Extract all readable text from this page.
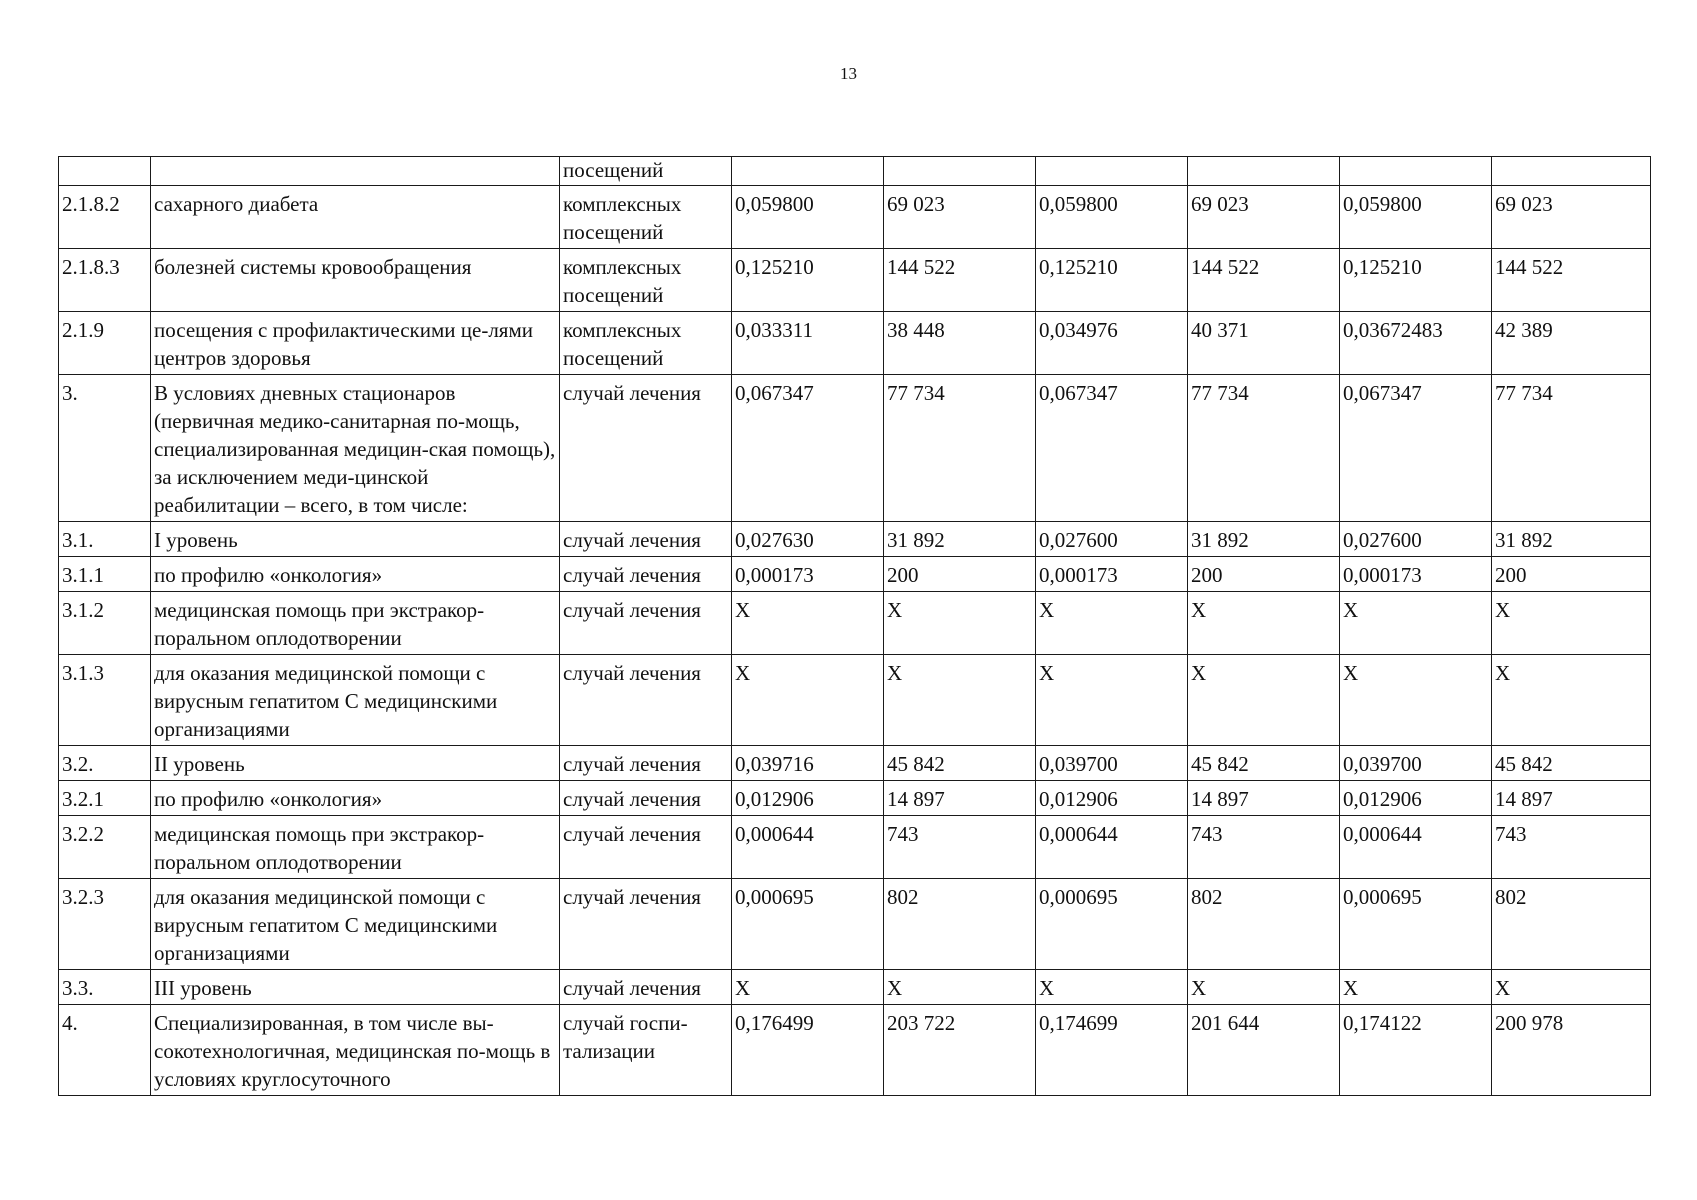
13
		посещений						
2.1.8.2	сахарного диабета	комплексных посещений	0,059800	69 023	0,059800	69 023	0,059800	69 023
2.1.8.3	болезней системы кровообращения	комплексных посещений	0,125210	144 522	0,125210	144 522	0,125210	144 522
2.1.9	посещения с профилактическими це-лями центров здоровья	комплексных посещений	0,033311	38 448	0,034976	40 371	0,03672483	42 389
3.	В условиях дневных стационаров (первичная медико-санитарная по-мощь, специализированная медицин-ская помощь), за исключением меди-цинской реабилитации – всего, в том числе:	случай лечения	0,067347	77 734	0,067347	77 734	0,067347	77 734
3.1.	I уровень	случай лечения	0,027630	31 892	0,027600	31 892	0,027600	31 892
3.1.1	по профилю «онкология»	случай лечения	0,000173	200	0,000173	200	0,000173	200
3.1.2	медицинская помощь при экстракор-поральном оплодотворении	случай лечения	X	X	X	X	X	X
3.1.3	для оказания медицинской помощи с вирусным гепатитом С медицинскими организациями	случай лечения	X	X	X	X	X	X
3.2.	II уровень	случай лечения	0,039716	45 842	0,039700	45 842	0,039700	45 842
3.2.1	по профилю «онкология»	случай лечения	0,012906	14 897	0,012906	14 897	0,012906	14 897
3.2.2	медицинская помощь при экстракор-поральном оплодотворении	случай лечения	0,000644	743	0,000644	743	0,000644	743
3.2.3	для оказания медицинской помощи с вирусным гепатитом С медицинскими организациями	случай лечения	0,000695	802	0,000695	802	0,000695	802
3.3.	III уровень	случай лечения	X	X	X	X	X	X
4.	Специализированная, в том числе вы-сокотехнологичная, медицинская по-мощь в условиях круглосуточного	случай госпи-тализации	0,176499	203 722	0,174699	201 644	0,174122	200 978
